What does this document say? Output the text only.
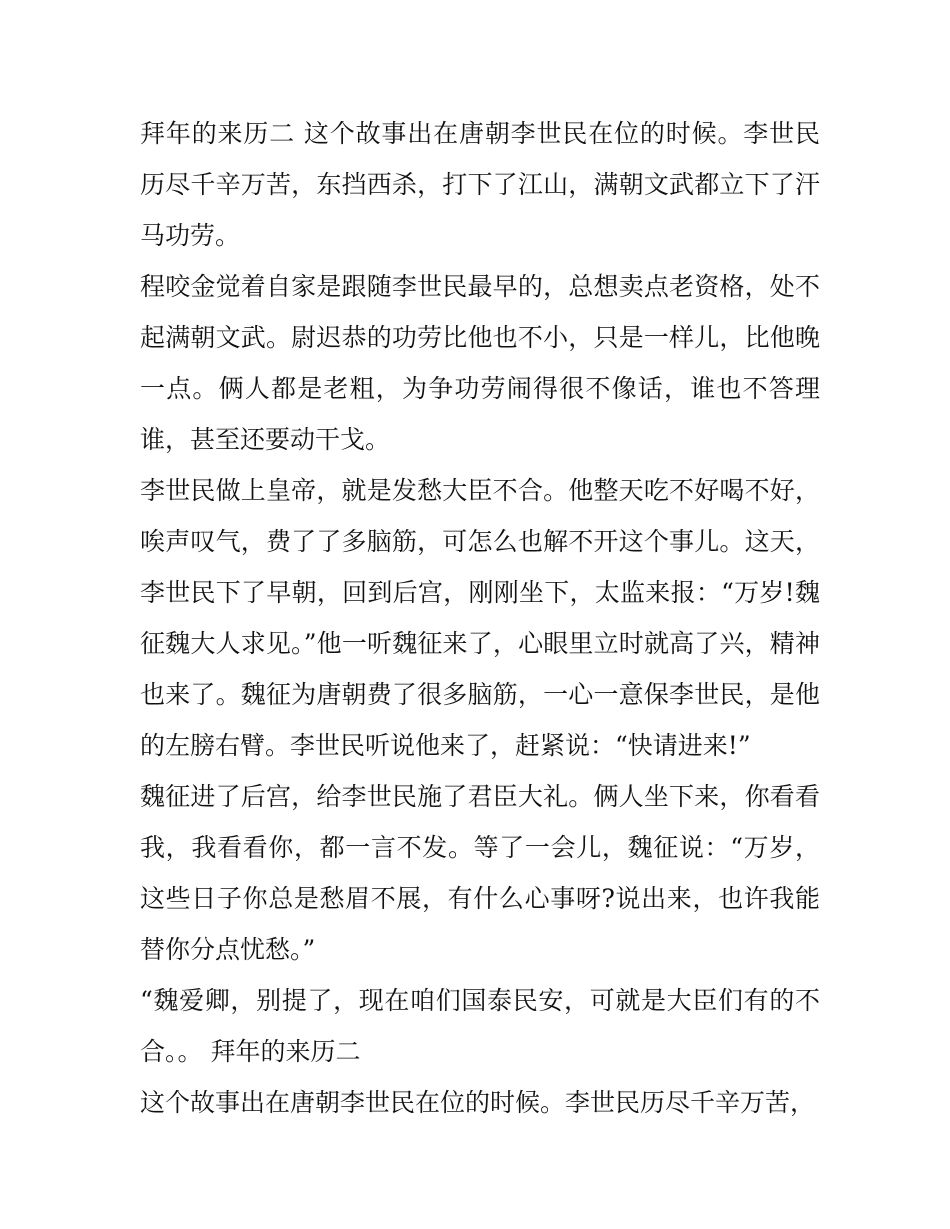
拜年的来历二 这个故事出在唐朝李世民在位的时候。李世民历尽千辛万苦，东挡西杀，打下了江山，满朝文武都立下了汗马功劳。

程咬金觉着自家是跟随李世民最早的，总想卖点老资格，处不起满朝文武。尉迟恭的功劳比他也不小，只是一样儿，比他晚一点。俩人都是老粗，为争功劳闹得很不像话，谁也不答理谁，甚至还要动干戈。

李世民做上皇帝，就是发愁大臣不合。他整天吃不好喝不好，唉声叹气，费了了多脑筋，可怎么也解不开这个事儿。这天，李世民下了早朝，回到后宫，刚刚坐下，太监来报：“万岁!魏征魏大人求见。”他一听魏征来了，心眼里立时就高了兴，精神也来了。魏征为唐朝费了很多脑筋，一心一意保李世民，是他的左膀右臂。李世民听说他来了，赶紧说：“快请进来!”

魏征进了后宫，给李世民施了君臣大礼。俩人坐下来，你看看我，我看看你，都一言不发。等了一会儿，魏征说：“万岁，这些日子你总是愁眉不展，有什么心事呀?说出来，也许我能替你分点忧愁。”

“魏爱卿，别提了，现在咱们国泰民安，可就是大臣们有的不合。。 拜年的来历二

这个故事出在唐朝李世民在位的时候。李世民历尽千辛万苦，
